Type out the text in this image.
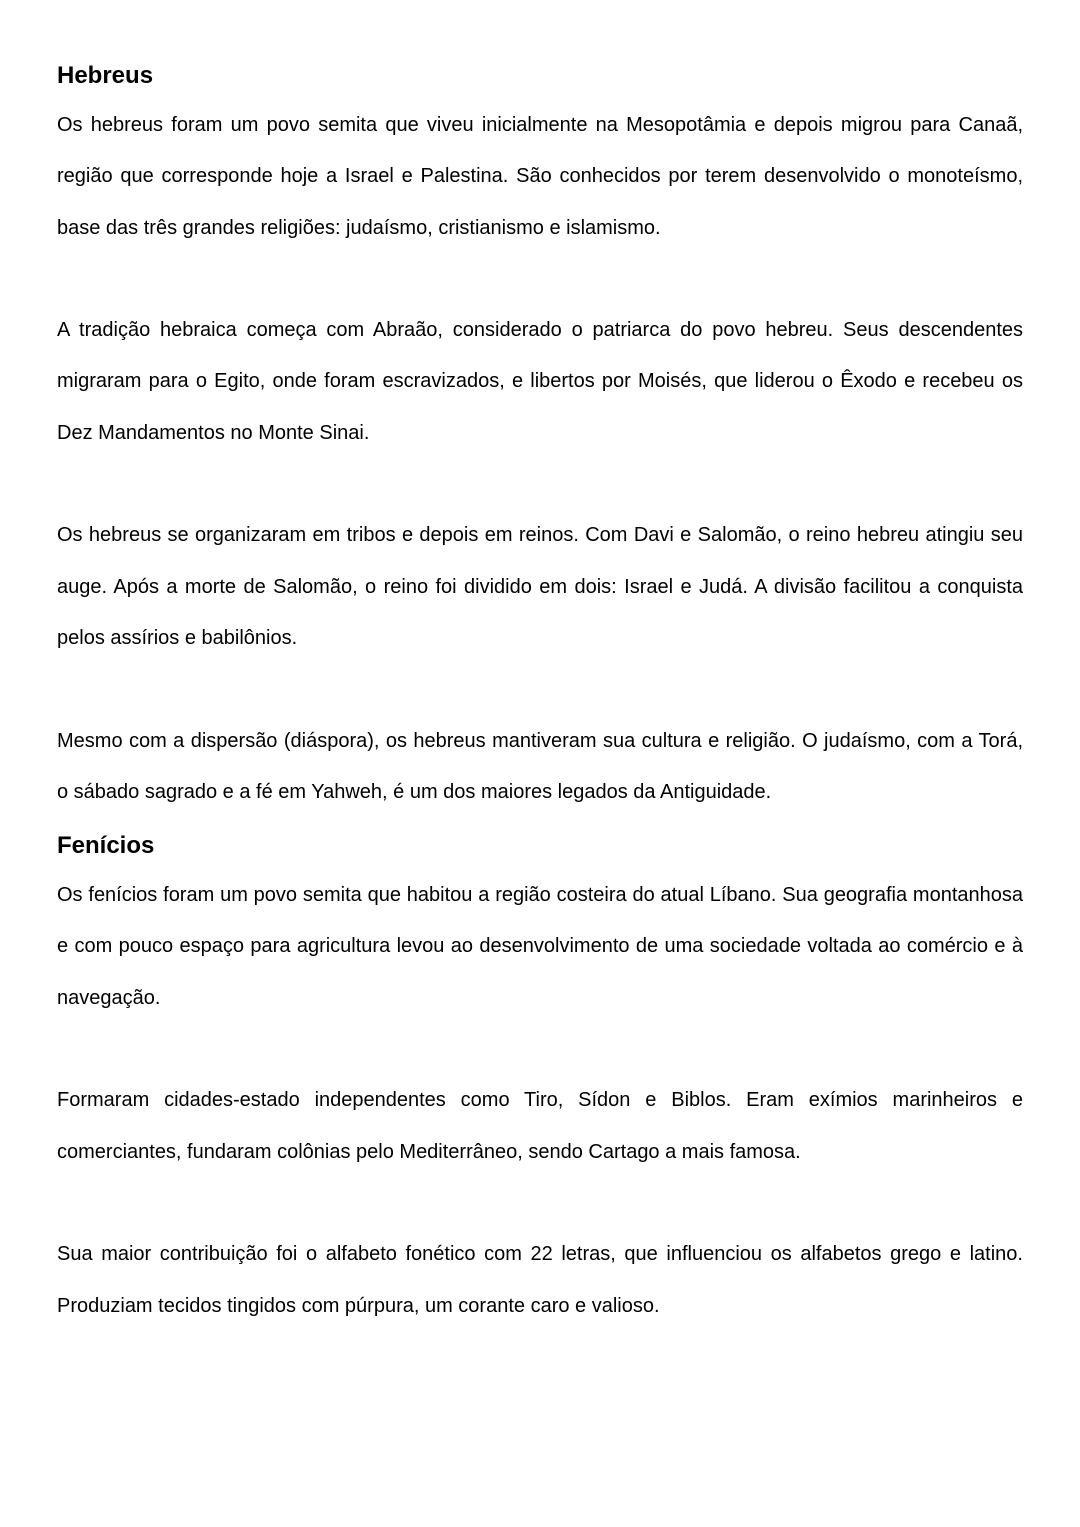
Hebreus

Os hebreus foram um povo semita que viveu inicialmente na Mesopotâmia e depois migrou para Canaã, região que corresponde hoje a Israel e Palestina. São conhecidos por terem desenvolvido o monoteísmo, base das três grandes religiões: judaísmo, cristianismo e islamismo.

A tradição hebraica começa com Abraão, considerado o patriarca do povo hebreu. Seus descendentes migraram para o Egito, onde foram escravizados, e libertos por Moisés, que liderou o Êxodo e recebeu os Dez Mandamentos no Monte Sinai.

Os hebreus se organizaram em tribos e depois em reinos. Com Davi e Salomão, o reino hebreu atingiu seu auge. Após a morte de Salomão, o reino foi dividido em dois: Israel e Judá. A divisão facilitou a conquista pelos assírios e babilônios.

Mesmo com a dispersão (diáspora), os hebreus mantiveram sua cultura e religião. O judaísmo, com a Torá, o sábado sagrado e a fé em Yahweh, é um dos maiores legados da Antiguidade.

Fenícios

Os fenícios foram um povo semita que habitou a região costeira do atual Líbano. Sua geografia montanhosa e com pouco espaço para agricultura levou ao desenvolvimento de uma sociedade voltada ao comércio e à navegação.

Formaram cidades-estado independentes como Tiro, Sídon e Biblos. Eram exímios marinheiros e comerciantes, fundaram colônias pelo Mediterrâneo, sendo Cartago a mais famosa.

Sua maior contribuição foi o alfabeto fonético com 22 letras, que influenciou os alfabetos grego e latino. Produziam tecidos tingidos com púrpura, um corante caro e valioso.
